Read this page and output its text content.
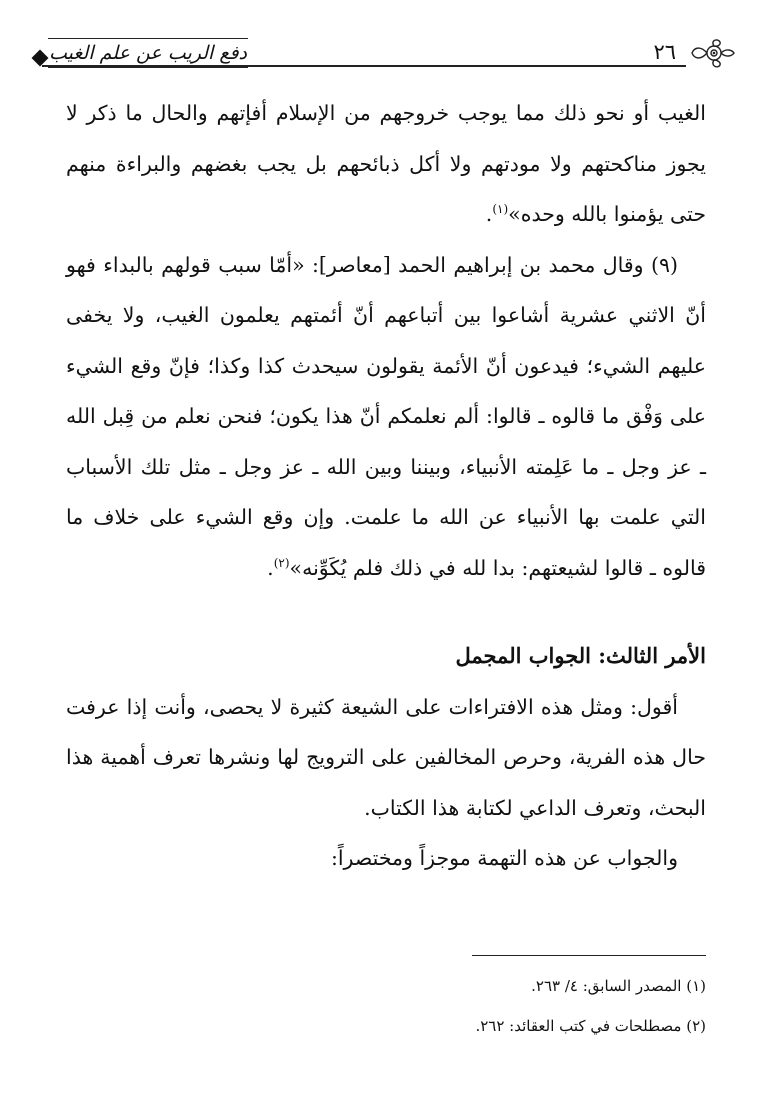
دفع الريب عن علم الغيب	٢٦

الغيب أو نحو ذلك مما يوجب خروجهم من الإسلام أفإتهم والحال ما ذكر لا يجوز مناكحتهم ولا مودتهم ولا أكل ذبائحهم بل يجب بغضهم والبراءة منهم حتى يؤمنوا بالله وحده»$^{(١)}$.

(٩) وقال محمد بن إبراهيم الحمد [معاصر]: «أمّا سبب قولهم بالبداء فهو أنّ الاثني عشرية أشاعوا بين أتباعهم أنّ أئمتهم يعلمون الغيب، ولا يخفى عليهم الشيء؛ فيدعون أنّ الأئمة يقولون سيحدث كذا وكذا؛ فإنّ وقع الشيء على وَفْق ما قالوه ـ قالوا: ألم نعلمكم أنّ هذا يكون؛ فنحن نعلم من قِبل الله ـ عز وجل ـ ما عَلِمته الأنبياء، وبيننا وبين الله ـ عز وجل ـ مثل تلك الأسباب التي علمت بها الأنبياء عن الله ما علمت. وإن وقع الشيء على خلاف ما قالوه ـ قالوا لشيعتهم: بدا لله في ذلك فلم يُكَوِّنه»$^{(٢)}$.

الأمر الثالث: الجواب المجمل

أقول: ومثل هذه الافتراءات على الشيعة كثيرة لا يحصى، وأنت إذا عرفت حال هذه الفرية، وحرص المخالفين على الترويج لها ونشرها تعرف أهمية هذا البحث، وتعرف الداعي لكتابة هذا الكتاب.

والجواب عن هذه التهمة موجزاً ومختصراً:

(١) المصدر السابق: ٤/ ٢٦٣.

(٢) مصطلحات في كتب العقائد: ٢٦٢.
